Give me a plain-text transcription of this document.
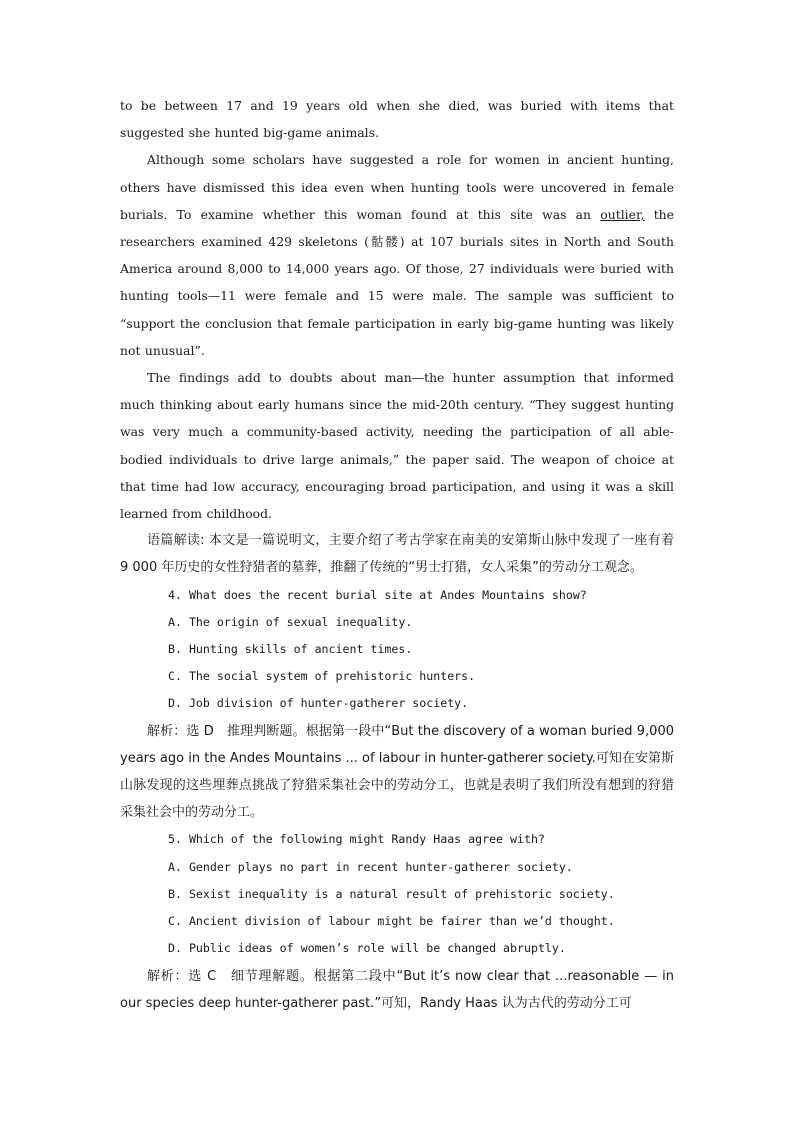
to be between 17 and 19 years old when she died, was buried with items that suggested she hunted big-game animals.

Although some scholars have suggested a role for women in ancient hunting, others have dismissed this idea even when hunting tools were uncovered in female burials. To examine whether this woman found at this site was an outlier, the researchers examined 429 skeletons (骷髅) at 107 burials sites in North and South America around 8,000 to 14,000 years ago. Of those, 27 individuals were buried with hunting tools—11 were female and 15 were male. The sample was sufficient to “support the conclusion that female participation in early big-game hunting was likely not unusual”.

The findings add to doubts about man—the hunter assumption that informed much thinking about early humans since the mid-20th century. “They suggest hunting was very much a community-based activity, needing the participation of all able-bodied individuals to drive large animals,” the paper said. The weapon of choice at that time had low accuracy, encouraging broad participation, and using it was a skill learned from childhood.

语篇解读: 本文是一篇说明文，主要介绍了考古学家在南美的安第斯山脉中发现了一座有着 9 000 年历史的女性狩猎者的墓葬，推翻了传统的“男士打猎，女人采集”的劳动分工观念。

4. What does the recent burial site at Andes Mountains show?

A. The origin of sexual inequality.

B. Hunting skills of ancient times.

C. The social system of prehistoric hunters.

D. Job division of hunter-gatherer society.

解析：选 D　推理判断题。根据第一段中“But the discovery of a woman buried 9,000 years ago in the Andes Mountains ... of labour in hunter-gatherer society.可知在安第斯山脉发现的这些埋葬点挑战了狩猎采集社会中的劳动分工，也就是表明了我们所没有想到的狩猎采集社会中的劳动分工。

5. Which of the following might Randy Haas agree with?

A. Gender plays no part in recent hunter-gatherer society.

B. Sexist inequality is a natural result of prehistoric society.

C. Ancient division of labour might be fairer than we’d thought.

D. Public ideas of women’s role will be changed abruptly.

解析：选 C　细节理解题。根据第二段中“But it’s now clear that ...reasonable — in our species deep hunter-gatherer past.”可知，Randy Haas 认为古代的劳动分工可
